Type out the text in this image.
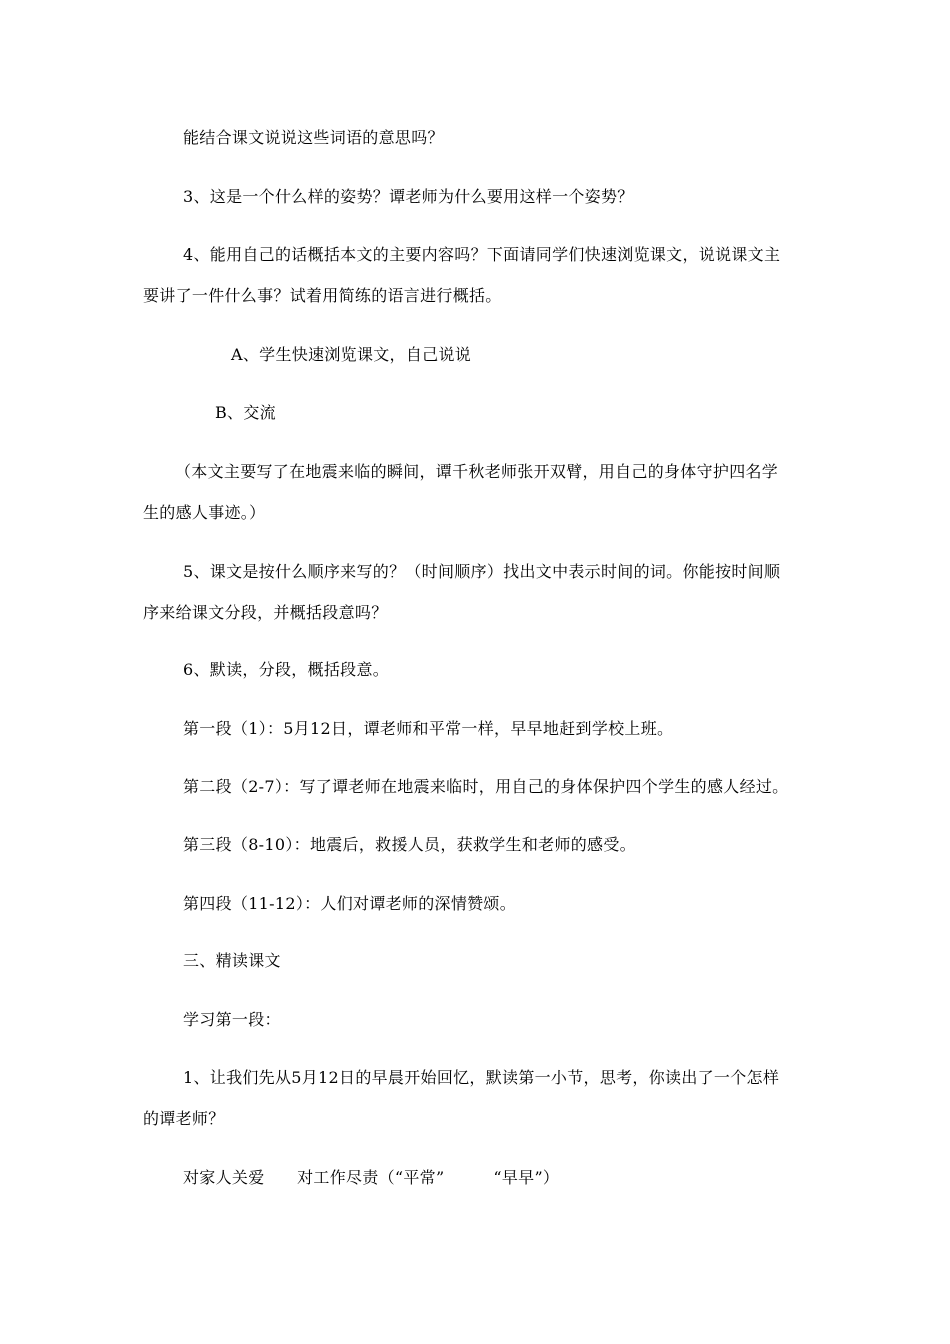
能结合课文说说这些词语的意思吗？
3、这是一个什么样的姿势？谭老师为什么要用这样一个姿势？
4、能用自己的话概括本文的主要内容吗？下面请同学们快速浏览课文，说说课文主
要讲了一件什么事？试着用简练的语言进行概括。
A、学生快速浏览课文，自己说说
B、交流
（本文主要写了在地震来临的瞬间，谭千秋老师张开双臂，用自己的身体守护四名学
生的感人事迹。）
5、课文是按什么顺序来写的？（时间顺序）找出文中表示时间的词。你能按时间顺
序来给课文分段，并概括段意吗？
6、默读，分段，概括段意。
第一段（1）：5月12日，谭老师和平常一样，早早地赶到学校上班。
第二段（2-7）：写了谭老师在地震来临时，用自己的身体保护四个学生的感人经过。
第三段（8-10）：地震后，救援人员，获救学生和老师的感受。
第四段（11-12）：人们对谭老师的深情赞颂。
三、精读课文
学习第一段：
1、让我们先从5月12日的早晨开始回忆，默读第一小节，思考，你读出了一个怎样
的谭老师？
对家人关爱　　对工作尽责（“平常”　　　“早早”）
